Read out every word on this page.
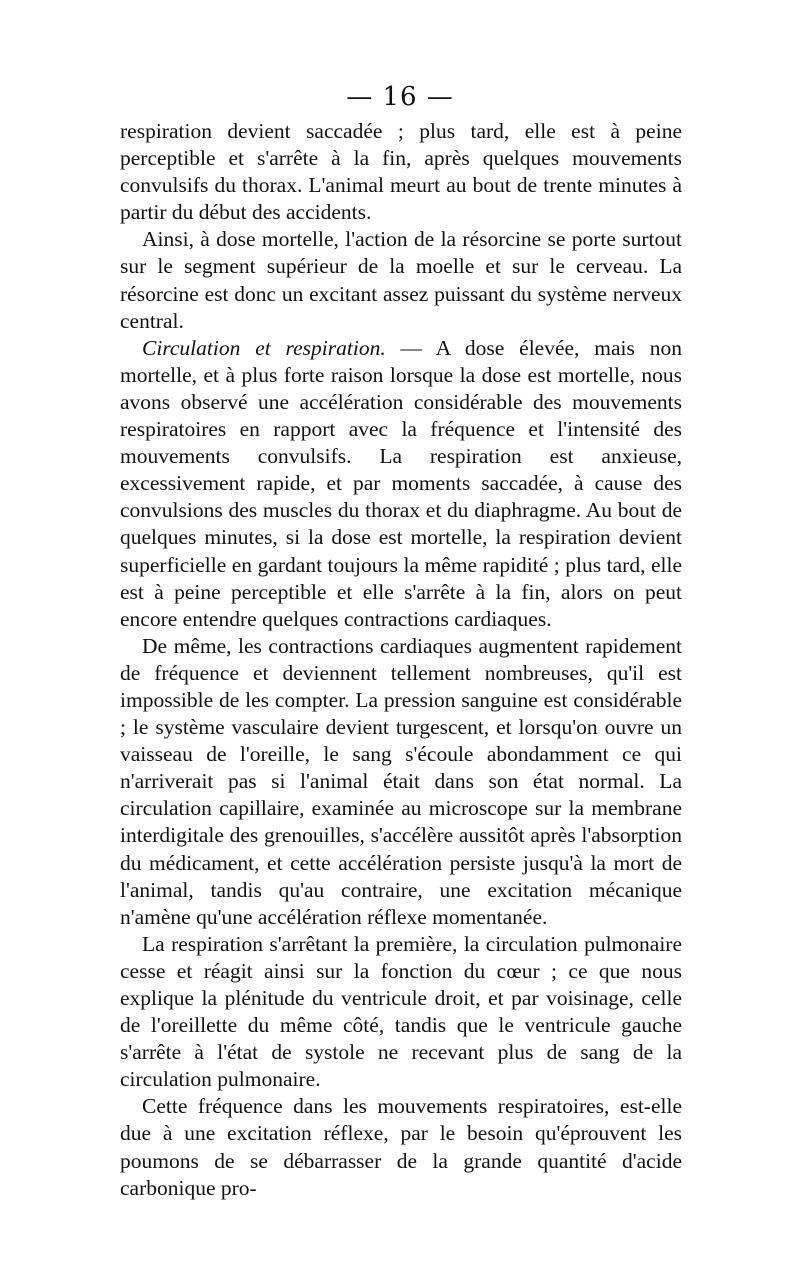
— 16 —

respiration devient saccadée ; plus tard, elle est à peine perceptible et s'arrête à la fin, après quelques mouvements convulsifs du thorax. L'animal meurt au bout de trente minutes à partir du début des accidents.

Ainsi, à dose mortelle, l'action de la résorcine se porte surtout sur le segment supérieur de la moelle et sur le cerveau. La résorcine est donc un excitant assez puissant du système nerveux central.

Circulation et respiration. — A dose élevée, mais non mortelle, et à plus forte raison lorsque la dose est mortelle, nous avons observé une accélération considérable des mouvements respiratoires en rapport avec la fréquence et l'intensité des mouvements convulsifs. La respiration est anxieuse, excessivement rapide, et par moments saccadée, à cause des convulsions des muscles du thorax et du diaphragme. Au bout de quelques minutes, si la dose est mortelle, la respiration devient superficielle en gardant toujours la même rapidité ; plus tard, elle est à peine perceptible et elle s'arrête à la fin, alors on peut encore entendre quelques contractions cardiaques.

De même, les contractions cardiaques augmentent rapidement de fréquence et deviennent tellement nombreuses, qu'il est impossible de les compter. La pression sanguine est considérable ; le système vasculaire devient turgescent, et lorsqu'on ouvre un vaisseau de l'oreille, le sang s'écoule abondamment ce qui n'arriverait pas si l'animal était dans son état normal. La circulation capillaire, examinée au microscope sur la membrane interdigitale des grenouilles, s'accélère aussitôt après l'absorption du médicament, et cette accélération persiste jusqu'à la mort de l'animal, tandis qu'au contraire, une excitation mécanique n'amène qu'une accélération réflexe momentanée.

La respiration s'arrêtant la première, la circulation pulmonaire cesse et réagit ainsi sur la fonction du cœur ; ce que nous explique la plénitude du ventricule droit, et par voisinage, celle de l'oreillette du même côté, tandis que le ventricule gauche s'arrête à l'état de systole ne recevant plus de sang de la circulation pulmonaire.

Cette fréquence dans les mouvements respiratoires, est-elle due à une excitation réflexe, par le besoin qu'éprouvent les poumons de se débarrasser de la grande quantité d'acide carbonique pro-
